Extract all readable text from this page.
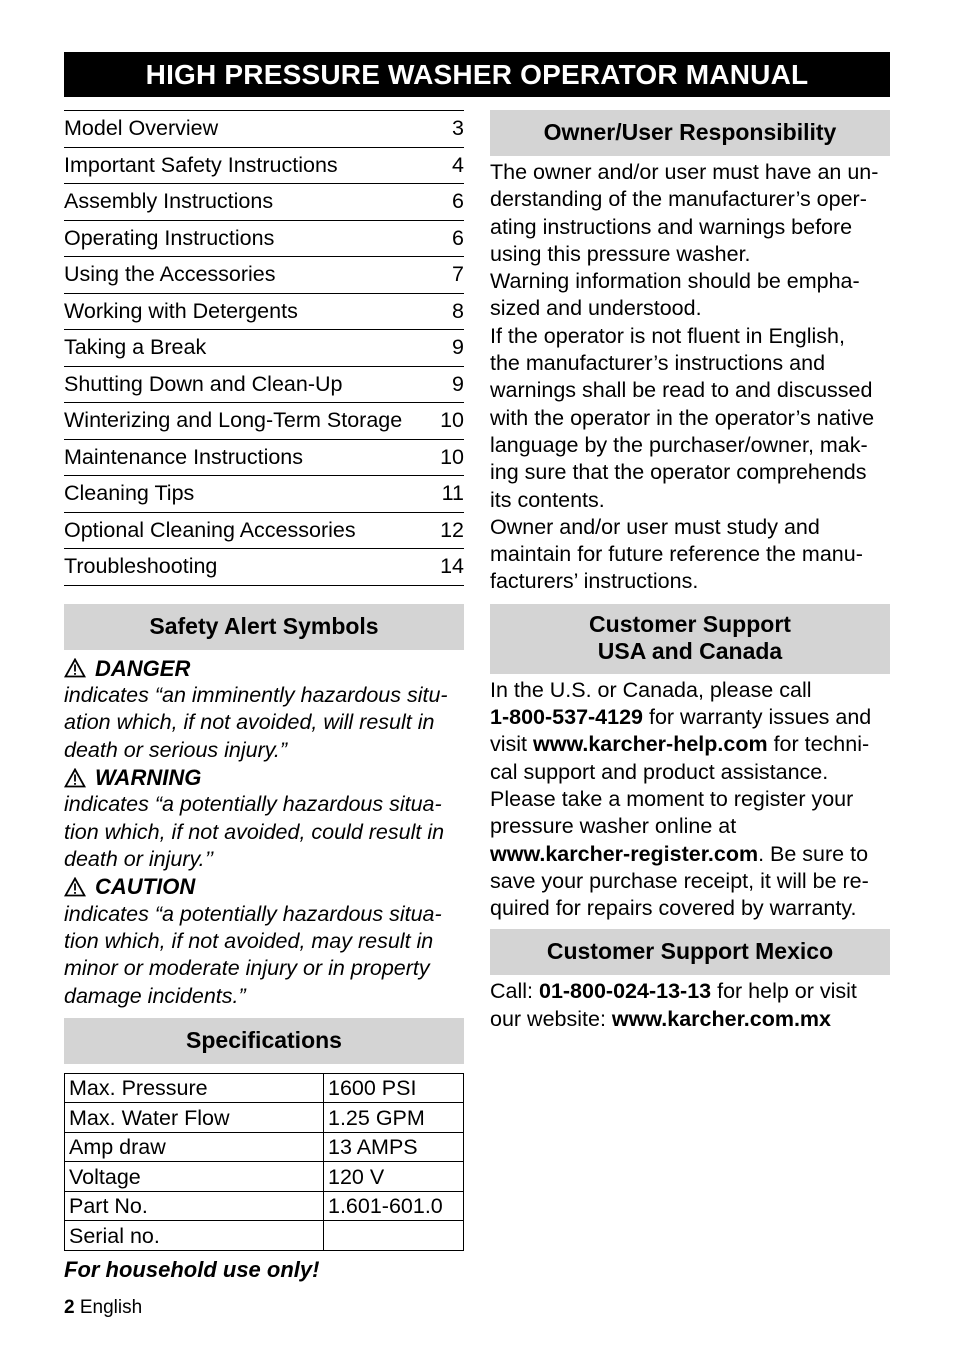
HIGH PRESSURE WASHER OPERATOR MANUAL
Model Overview	3
Important Safety Instructions	4
Assembly Instructions	6
Operating Instructions	6
Using the Accessories	7
Working with Detergents	8
Taking a Break	9
Shutting Down and Clean-Up	9
Winterizing and Long-Term Storage 10
Maintenance Instructions	10
Cleaning Tips	11
Optional Cleaning Accessories	12
Troubleshooting	14
Safety Alert Symbols
DANGER
indicates “an imminently hazardous situ-
ation which, if not avoided, will result in
death or serious injury.”
WARNING
indicates “a potentially hazardous situa-
tion which, if not avoided, could result in
death or injury.’’
CAUTION
indicates “a potentially hazardous situa-
tion which, if not avoided, may result in
minor or moderate injury or in property
damage incidents.”
Specifications
Max. Pressure	1600 PSI
Max. Water Flow	1.25 GPM
Amp draw	13 AMPS
Voltage	120 V
Part No.	1.601-601.0
Serial no.	
For household use only!
Owner/User Responsibility
The owner and/or user must have an un-
derstanding of the manufacturer’s oper-
ating instructions and warnings before
using this pressure washer.
Warning information should be empha-
sized and understood.
If the operator is not fluent in English,
the manufacturer’s instructions and
warnings shall be read to and discussed
with the operator in the operator’s native
language by the purchaser/owner, mak-
ing sure that the operator comprehends
its contents.
Owner and/or user must study and
maintain for future reference the manu-
facturers’ instructions.
Customer Support
USA and Canada
In the U.S. or Canada, please call
1-800-537-4129 for warranty issues and
visit www.karcher-help.com for techni-
cal support and product assistance.
Please take a moment to register your
pressure washer online at
www.karcher-register.com. Be sure to
save your purchase receipt, it will be re-
quired for repairs covered by warranty.
Customer Support Mexico
Call: 01-800-024-13-13 for help or visit
our website: www.karcher.com.mx
2 English
